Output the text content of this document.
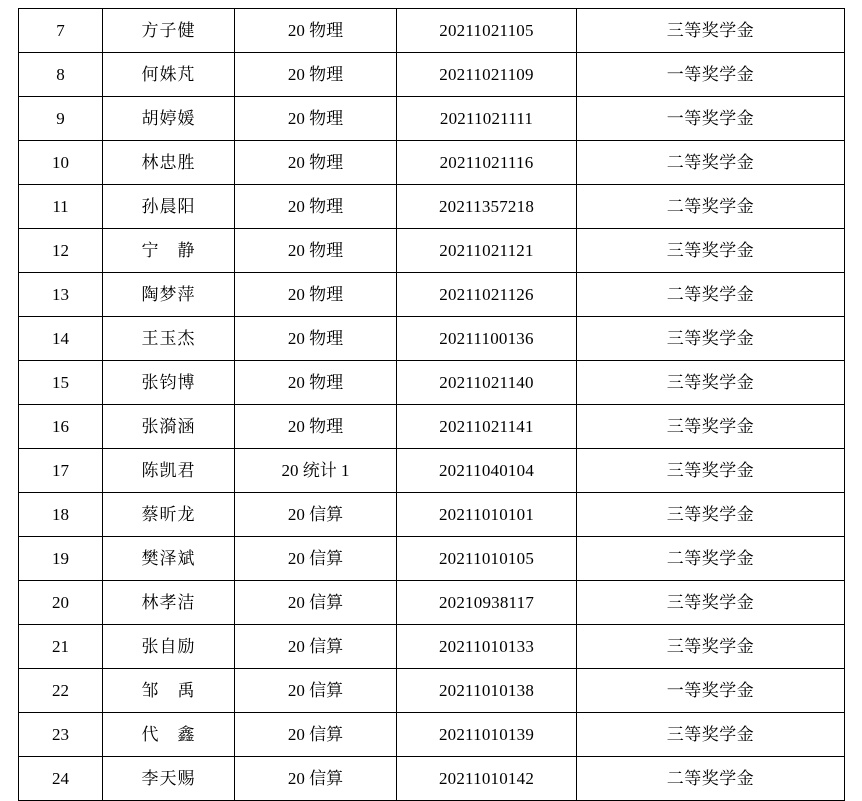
7	方子健	20 物理	20211021105	三等奖学金
8	何姝芃	20 物理	20211021109	一等奖学金
9	胡婷媛	20 物理	20211021111	一等奖学金
10	林忠胜	20 物理	20211021116	二等奖学金
11	孙晨阳	20 物理	20211357218	二等奖学金
12	宁　静	20 物理	20211021121	三等奖学金
13	陶梦萍	20 物理	20211021126	二等奖学金
14	王玉杰	20 物理	20211100136	三等奖学金
15	张钧博	20 物理	20211021140	三等奖学金
16	张漪涵	20 物理	20211021141	三等奖学金
17	陈凯君	20 统计 1	20211040104	三等奖学金
18	蔡昕龙	20 信算	20211010101	三等奖学金
19	樊泽斌	20 信算	20211010105	二等奖学金
20	林孝洁	20 信算	20210938117	三等奖学金
21	张自励	20 信算	20211010133	三等奖学金
22	邹　禹	20 信算	20211010138	一等奖学金
23	代　鑫	20 信算	20211010139	三等奖学金
24	李天赐	20 信算	20211010142	二等奖学金
